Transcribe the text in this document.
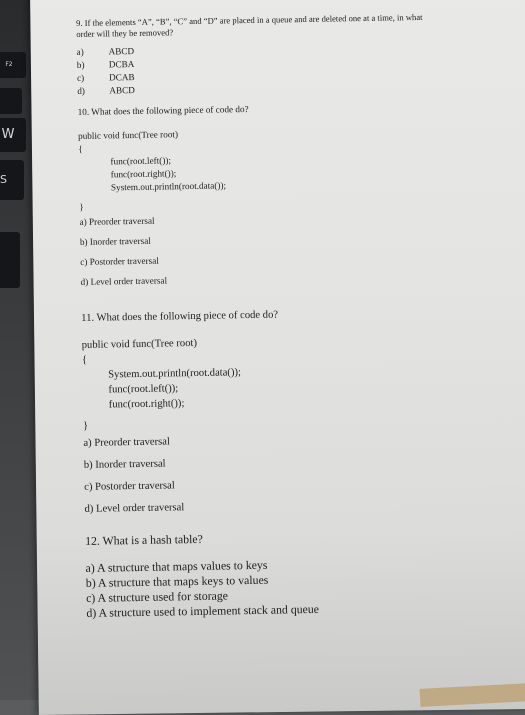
F2
W
S
9. If the elements “A”, “B”, “C” and “D” are placed in a queue and are deleted one at a time, in what
order will they be removed?
a)	ABCD
b)	DCBA
c)	DCAB
d)	ABCD
10. What does the following piece of code do?
public void func(Tree root)
{
func(root.left());
func(root.right());
System.out.println(root.data());
}
a) Preorder traversal
b) Inorder traversal
c) Postorder traversal
d) Level order traversal
11. What does the following piece of code do?
public void func(Tree root)
{
System.out.println(root.data());
func(root.left());
func(root.right());
}
a) Preorder traversal
b) Inorder traversal
c) Postorder traversal
d) Level order traversal
12. What is a hash table?
a) A structure that maps values to keys
b) A structure that maps keys to values
c) A structure used for storage
d) A structure used to implement stack and queue
